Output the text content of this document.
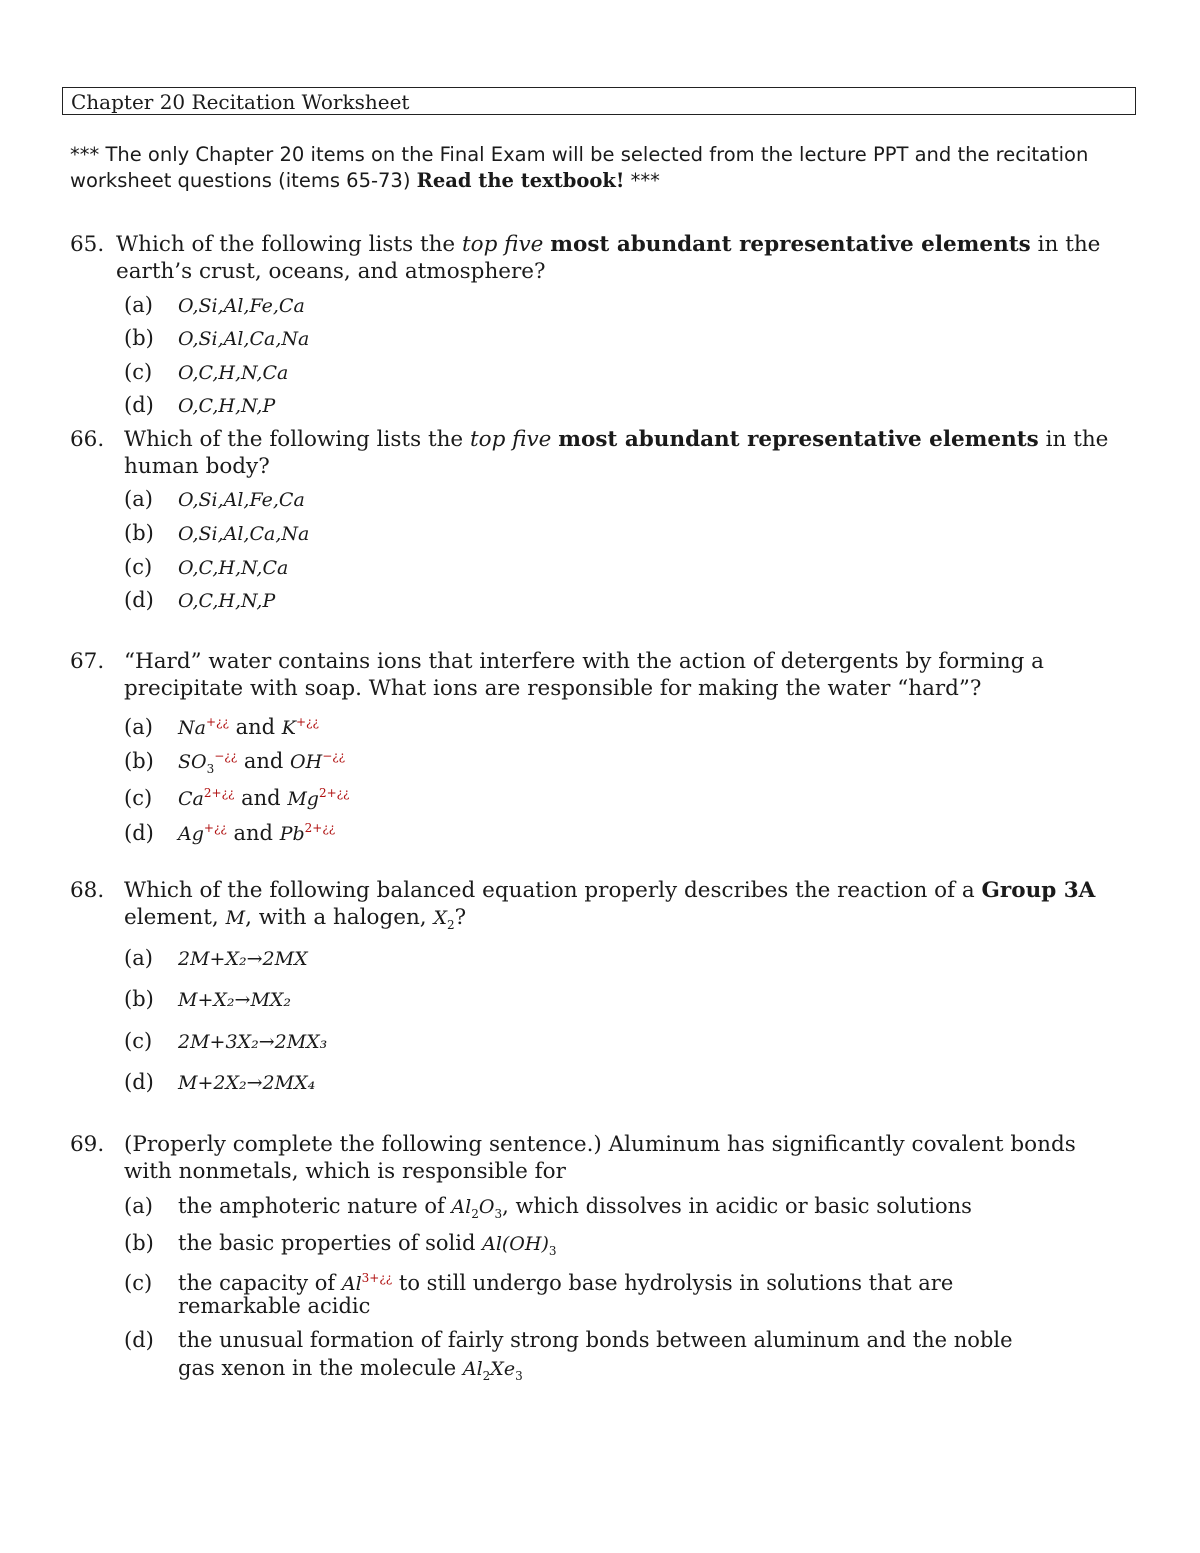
Chapter 20 Recitation Worksheet
*** The only Chapter 20 items on the Final Exam will be selected from the lecture PPT and the recitation worksheet questions (items 65-73) Read the textbook! ***
65. Which of the following lists the top five most abundant representative elements in the earth’s crust, oceans, and atmosphere?
(a) O,Si,Al,Fe,Ca
(b) O,Si,Al,Ca,Na
(c) O,C,H,N,Ca
(d) O,C,H,N,P
66. Which of the following lists the top five most abundant representative elements in the human body?
(a) O,Si,Al,Fe,Ca
(b) O,Si,Al,Ca,Na
(c) O,C,H,N,Ca
(d) O,C,H,N,P
67. “Hard” water contains ions that interfere with the action of detergents by forming a precipitate with soap. What ions are responsible for making the water “hard”?
(a) Na+¿¿ and K+¿¿
(b) $SO_3^{-¿¿}$ and OH−¿¿
(c) $Ca^{2+¿¿}$ and $Mg^{2+¿¿}$
(d) Ag+¿¿ and $Pb^{2+¿¿}$
68. Which of the following balanced equation properly describes the reaction of a Group 3A element, M, with a halogen, $X_2$?
(a) 2M+X₂→2MX
(b) M+X₂→MX₂
(c) 2M+3X₂→2MX₃
(d) M+2X₂→2MX₄
69. (Properly complete the following sentence.) Aluminum has significantly covalent bonds with nonmetals, which is responsible for
(a) the amphoteric nature of $Al_2O_3$, which dissolves in acidic or basic solutions
(b) the basic properties of solid $Al(OH)_3$
(c) the capacity of $Al^{3+¿¿}$ to still undergo base hydrolysis in solutions that are
remarkable acidic
(d) the unusual formation of fairly strong bonds between aluminum and the noble
gas xenon in the molecule $Al_2Xe_3$
